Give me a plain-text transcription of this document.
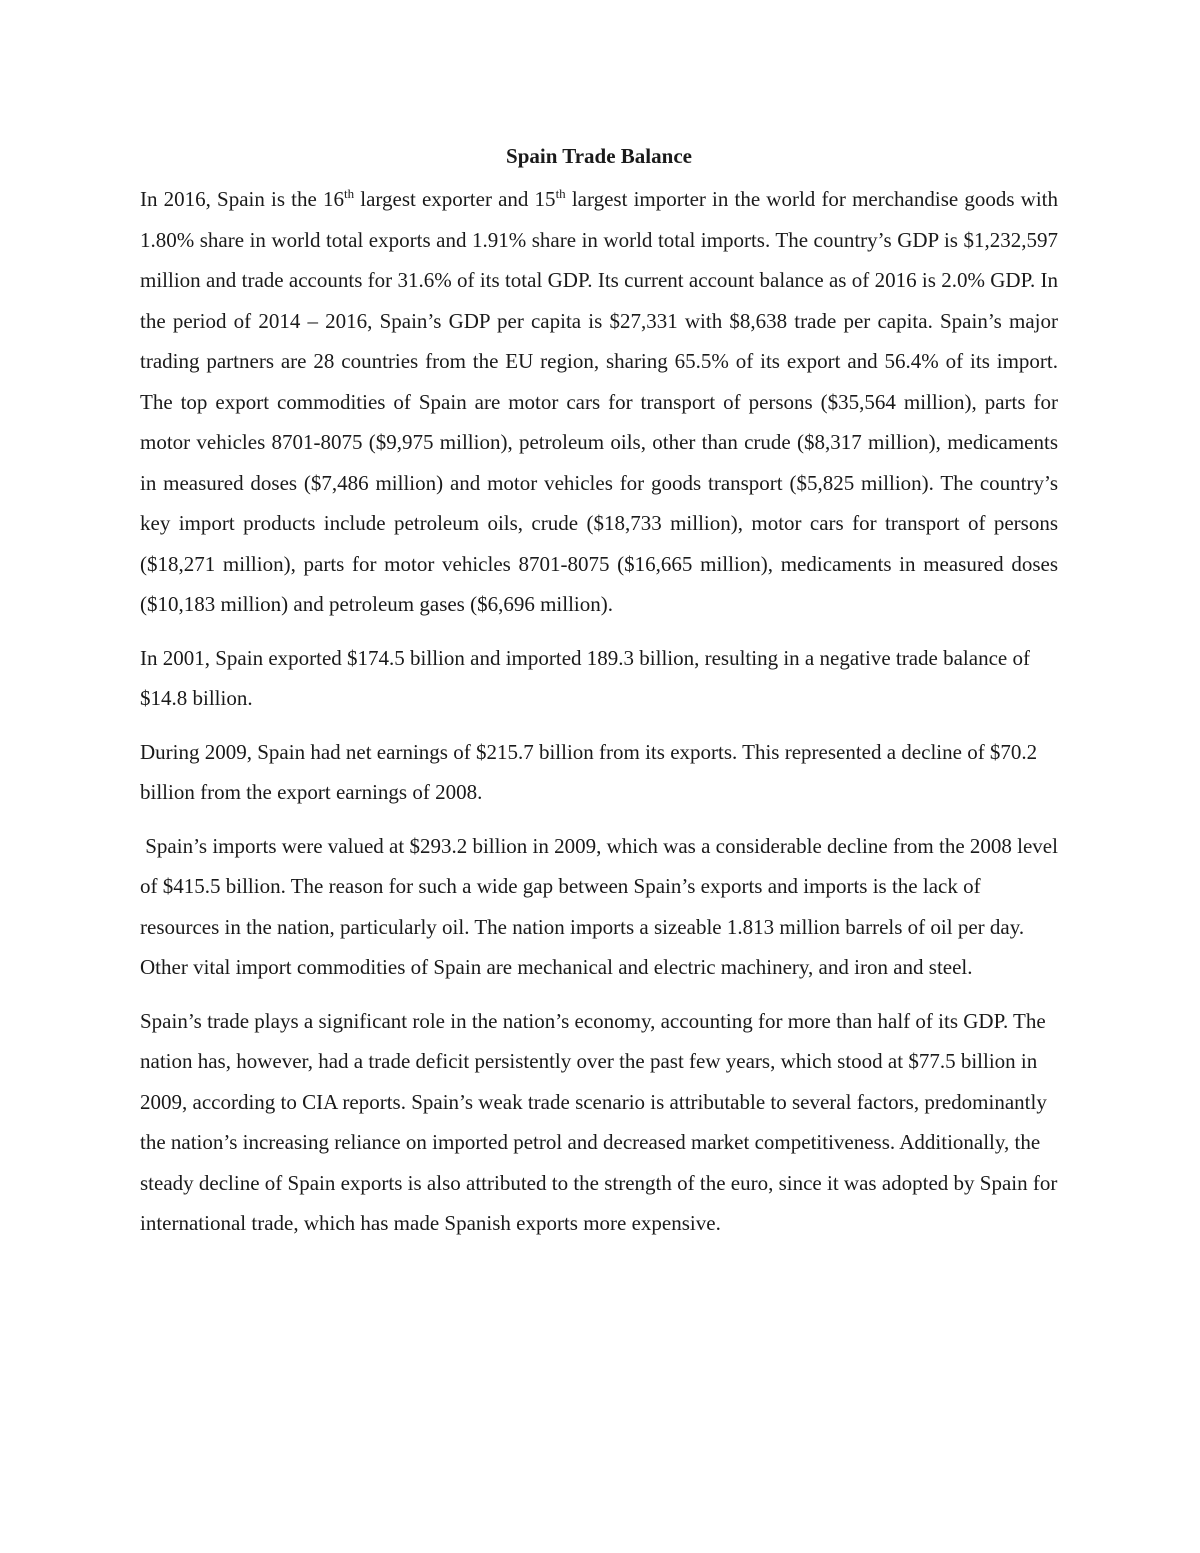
Spain Trade Balance

In 2016, Spain is the 16th largest exporter and 15th largest importer in the world for merchandise goods with 1.80% share in world total exports and 1.91% share in world total imports. The country’s GDP is $1,232,597 million and trade accounts for 31.6% of its total GDP. Its current account balance as of 2016 is 2.0% GDP. In the period of 2014 – 2016, Spain’s GDP per capita is $27,331 with $8,638 trade per capita. Spain’s major trading partners are 28 countries from the EU region, sharing 65.5% of its export and 56.4% of its import. The top export commodities of Spain are motor cars for transport of persons ($35,564 million), parts for motor vehicles 8701-8075 ($9,975 million), petroleum oils, other than crude ($8,317 million), medicaments in measured doses ($7,486 million) and motor vehicles for goods transport ($5,825 million). The country’s key import products include petroleum oils, crude ($18,733 million), motor cars for transport of persons ($18,271 million), parts for motor vehicles 8701-8075 ($16,665 million), medicaments in measured doses ($10,183 million) and petroleum gases ($6,696 million).

In 2001, Spain exported $174.5 billion and imported 189.3 billion, resulting in a negative trade balance of $14.8 billion.

During 2009, Spain had net earnings of $215.7 billion from its exports. This represented a decline of $70.2 billion from the export earnings of 2008.

Spain’s imports were valued at $293.2 billion in 2009, which was a considerable decline from the 2008 level of $415.5 billion. The reason for such a wide gap between Spain’s exports and imports is the lack of resources in the nation, particularly oil. The nation imports a sizeable 1.813 million barrels of oil per day. Other vital import commodities of Spain are mechanical and electric machinery, and iron and steel.

Spain’s trade plays a significant role in the nation’s economy, accounting for more than half of its GDP. The nation has, however, had a trade deficit persistently over the past few years, which stood at $77.5 billion in 2009, according to CIA reports. Spain’s weak trade scenario is attributable to several factors, predominantly the nation’s increasing reliance on imported petrol and decreased market competitiveness. Additionally, the steady decline of Spain exports is also attributed to the strength of the euro, since it was adopted by Spain for international trade, which has made Spanish exports more expensive.
